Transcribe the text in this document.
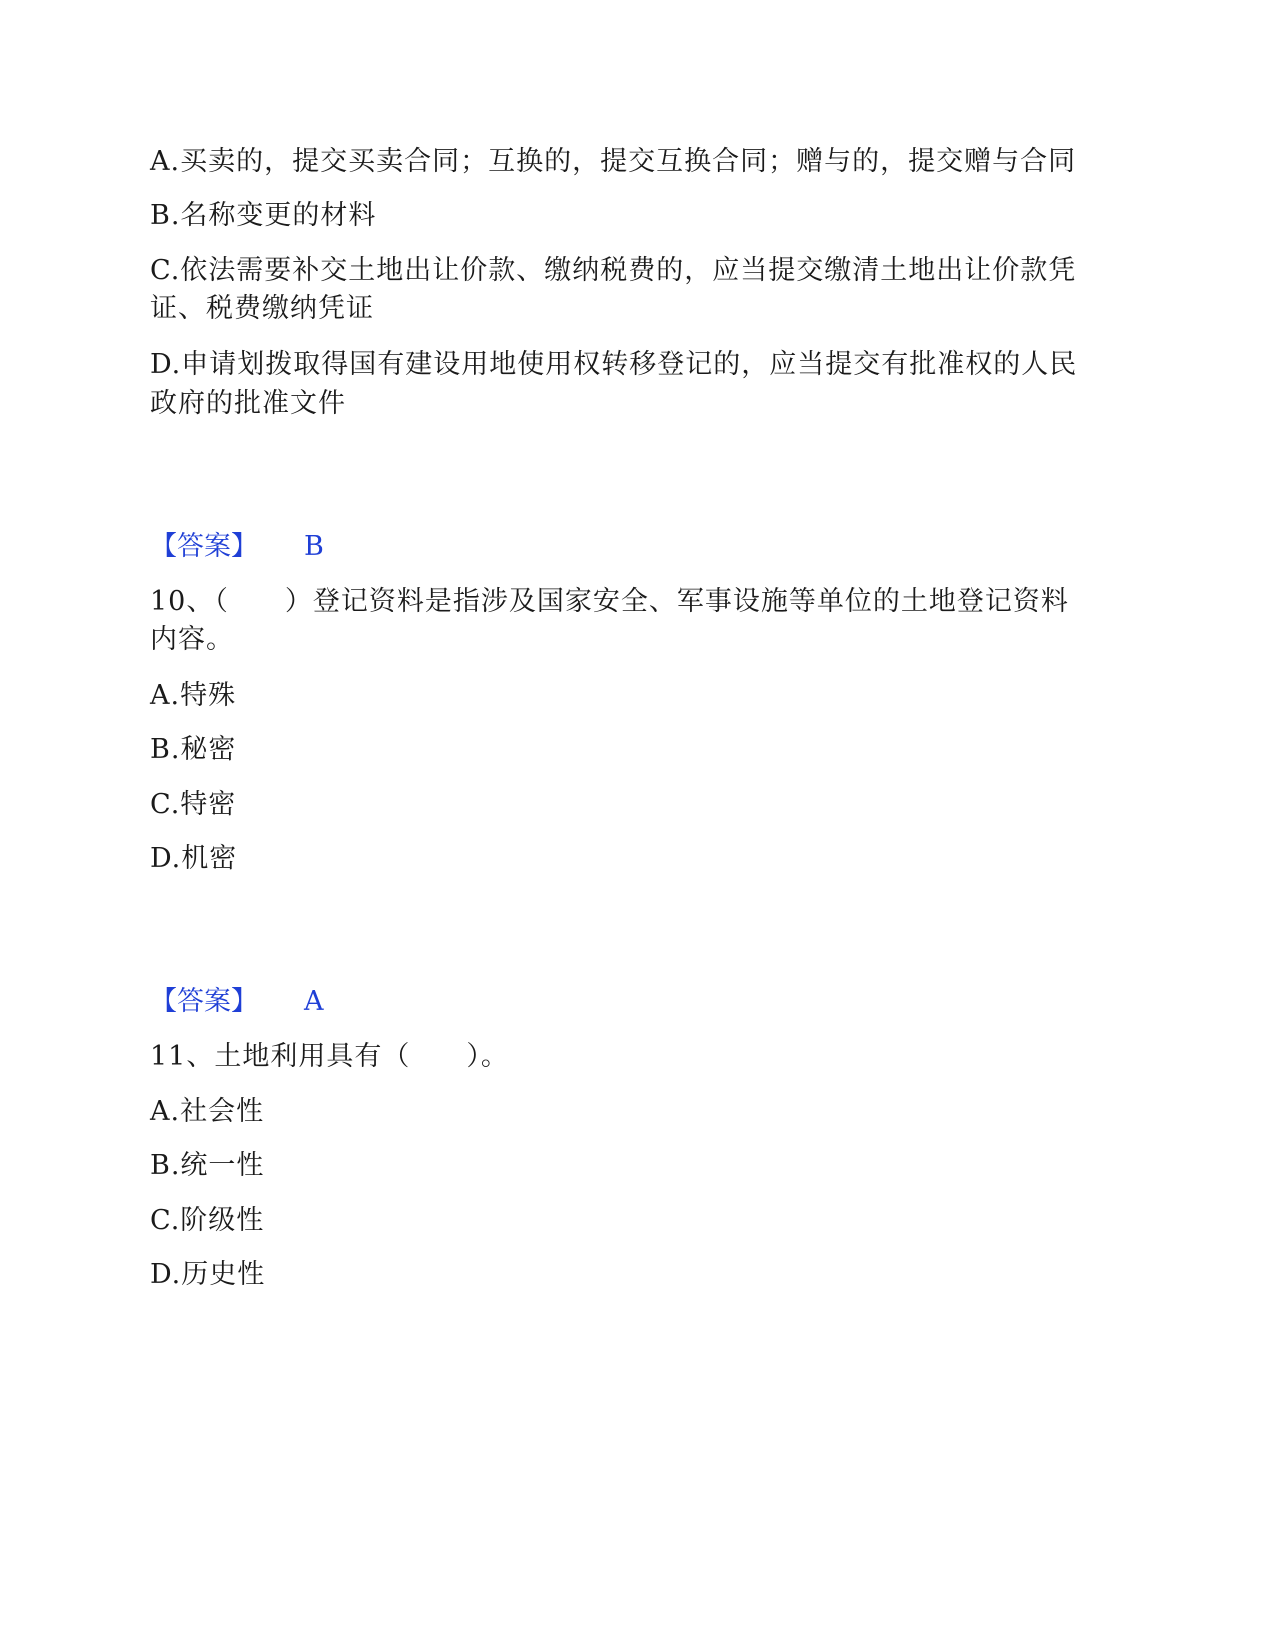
A.买卖的，提交买卖合同；互换的，提交互换合同；赠与的，提交赠与合同
B.名称变更的材料
C.依法需要补交土地出让价款、缴纳税费的，应当提交缴清土地出让价款凭
证、税费缴纳凭证
D.申请划拨取得国有建设用地使用权转移登记的，应当提交有批准权的人民
政府的批准文件
【答案】 B
10、（　　）登记资料是指涉及国家安全、军事设施等单位的土地登记资料
内容。
A.特殊
B.秘密
C.特密
D.机密
【答案】 A
11、土地利用具有（　　）。
A.社会性
B.统一性
C.阶级性
D.历史性
